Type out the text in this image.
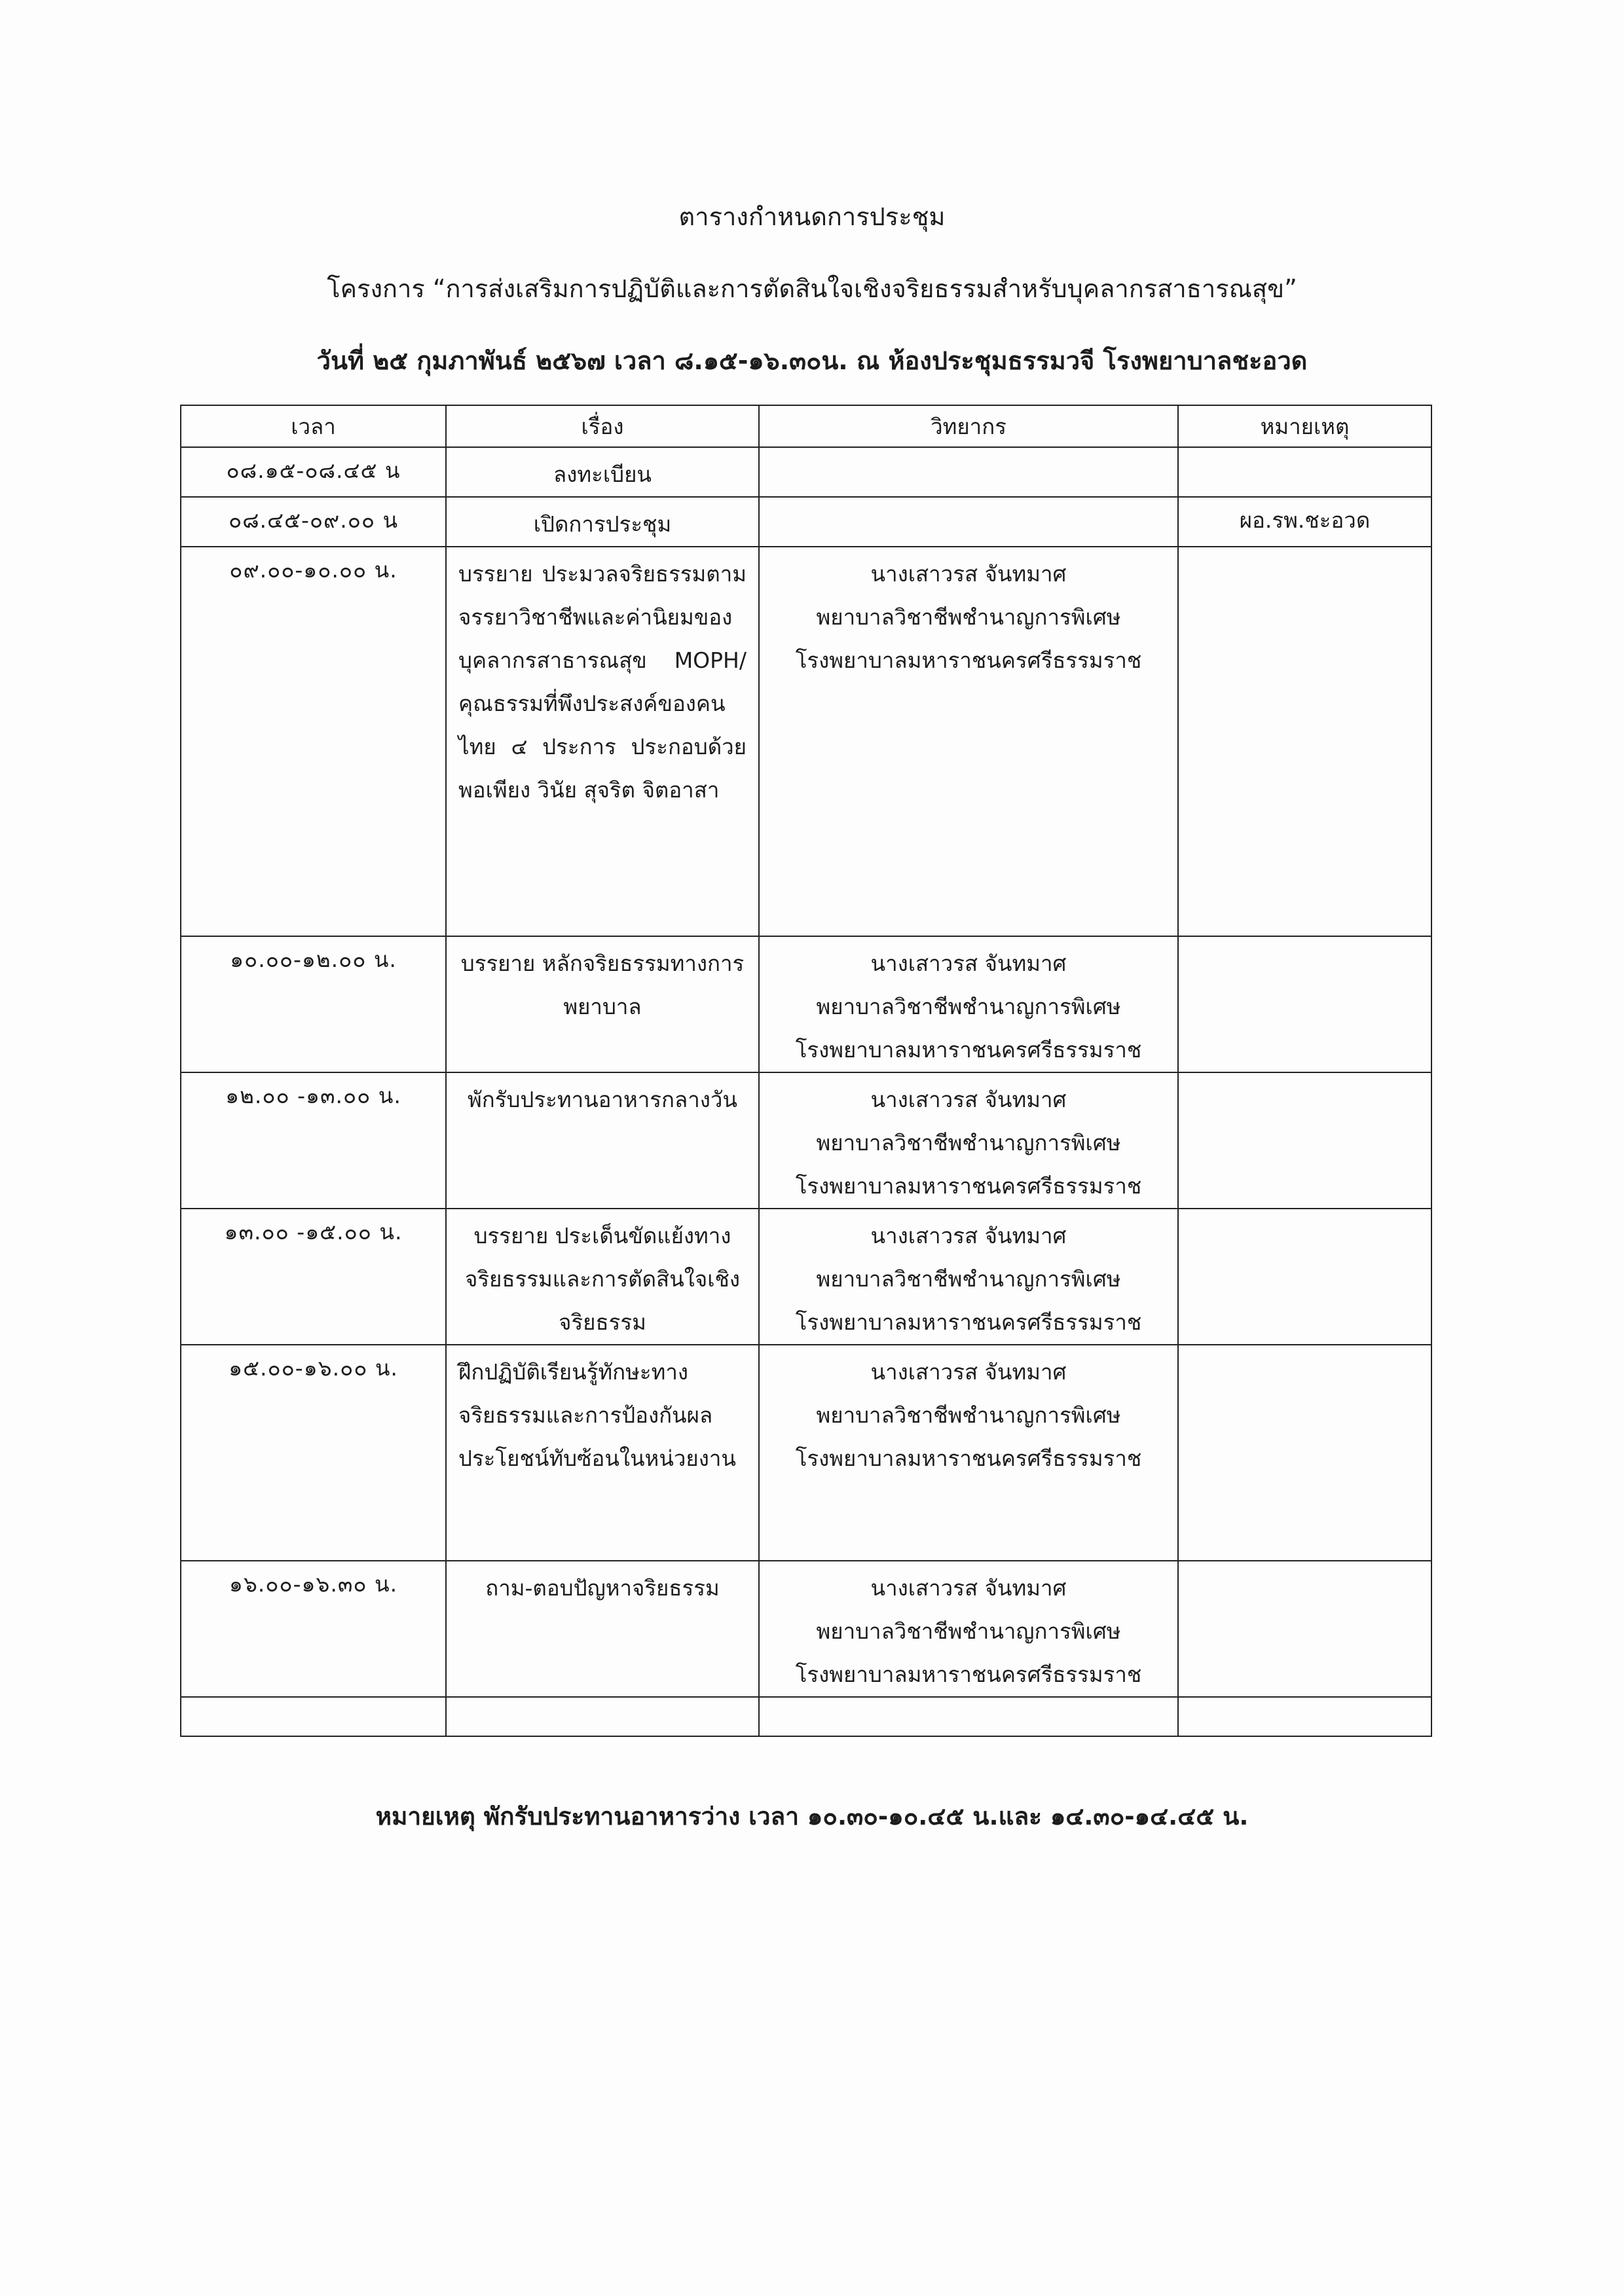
ตารางกำหนดการประชุม
โครงการ “การส่งเสริมการปฏิบัติและการตัดสินใจเชิงจริยธรรมสำหรับบุคลากรสาธารณสุข”
วันที่ ๒๕ กุมภาพันธ์ ๒๕๖๗ เวลา ๘.๑๕-๑๖.๓๐น. ณ ห้องประชุมธรรมวจี โรงพยาบาลชะอวด
เวลา	เรื่อง	วิทยากร	หมายเหตุ
๐๘.๑๕-๐๘.๔๕ น	ลงทะเบียน	

๐๘.๔๕-๐๙.๐๐ น	เปิดการประชุม		ผอ.รพ.ชะอวด
๐๙.๐๐-๑๐.๐๐ น.	บรรยาย ประมวลจริยธรรมตามจรรยาวิชาชีพและค่านิยมของบุคลากรสาธารณสุข MOPH/ คุณธรรมที่พึงประสงค์ของคนไทย ๔ ประการ ประกอบด้วย พอเพียง วินัย สุจริต จิตอาสา	นางเสาวรส จันทมาศ
พยาบาลวิชาชีพชำนาญการพิเศษ
โรงพยาบาลมหาราชนครศรีธรรมราช	

๑๐.๐๐-๑๒.๐๐ น.	บรรยาย หลักจริยธรรมทางการพยาบาล	นางเสาวรส จันทมาศ
พยาบาลวิชาชีพชำนาญการพิเศษ
โรงพยาบาลมหาราชนครศรีธรรมราช	

๑๒.๐๐ -๑๓.๐๐ น.	พักรับประทานอาหารกลางวัน	นางเสาวรส จันทมาศ
พยาบาลวิชาชีพชำนาญการพิเศษ
โรงพยาบาลมหาราชนครศรีธรรมราช	

๑๓.๐๐ -๑๕.๐๐ น.	บรรยาย ประเด็นขัดแย้งทางจริยธรรมและการตัดสินใจเชิงจริยธรรม	นางเสาวรส จันทมาศ
พยาบาลวิชาชีพชำนาญการพิเศษ
โรงพยาบาลมหาราชนครศรีธรรมราช	

๑๕.๐๐-๑๖.๐๐ น.	ฝึกปฏิบัติเรียนรู้ทักษะทางจริยธรรมและการป้องกันผลประโยชน์ทับซ้อนในหน่วยงาน	นางเสาวรส จันทมาศ
พยาบาลวิชาชีพชำนาญการพิเศษ
โรงพยาบาลมหาราชนครศรีธรรมราช	

๑๖.๐๐-๑๖.๓๐ น.	ถาม-ตอบปัญหาจริยธรรม	นางเสาวรส จันทมาศ
พยาบาลวิชาชีพชำนาญการพิเศษ
โรงพยาบาลมหาราชนครศรีธรรมราช	

หมายเหตุ พักรับประทานอาหารว่าง เวลา ๑๐.๓๐-๑๐.๔๕ น.และ ๑๔.๓๐-๑๔.๔๕ น.
